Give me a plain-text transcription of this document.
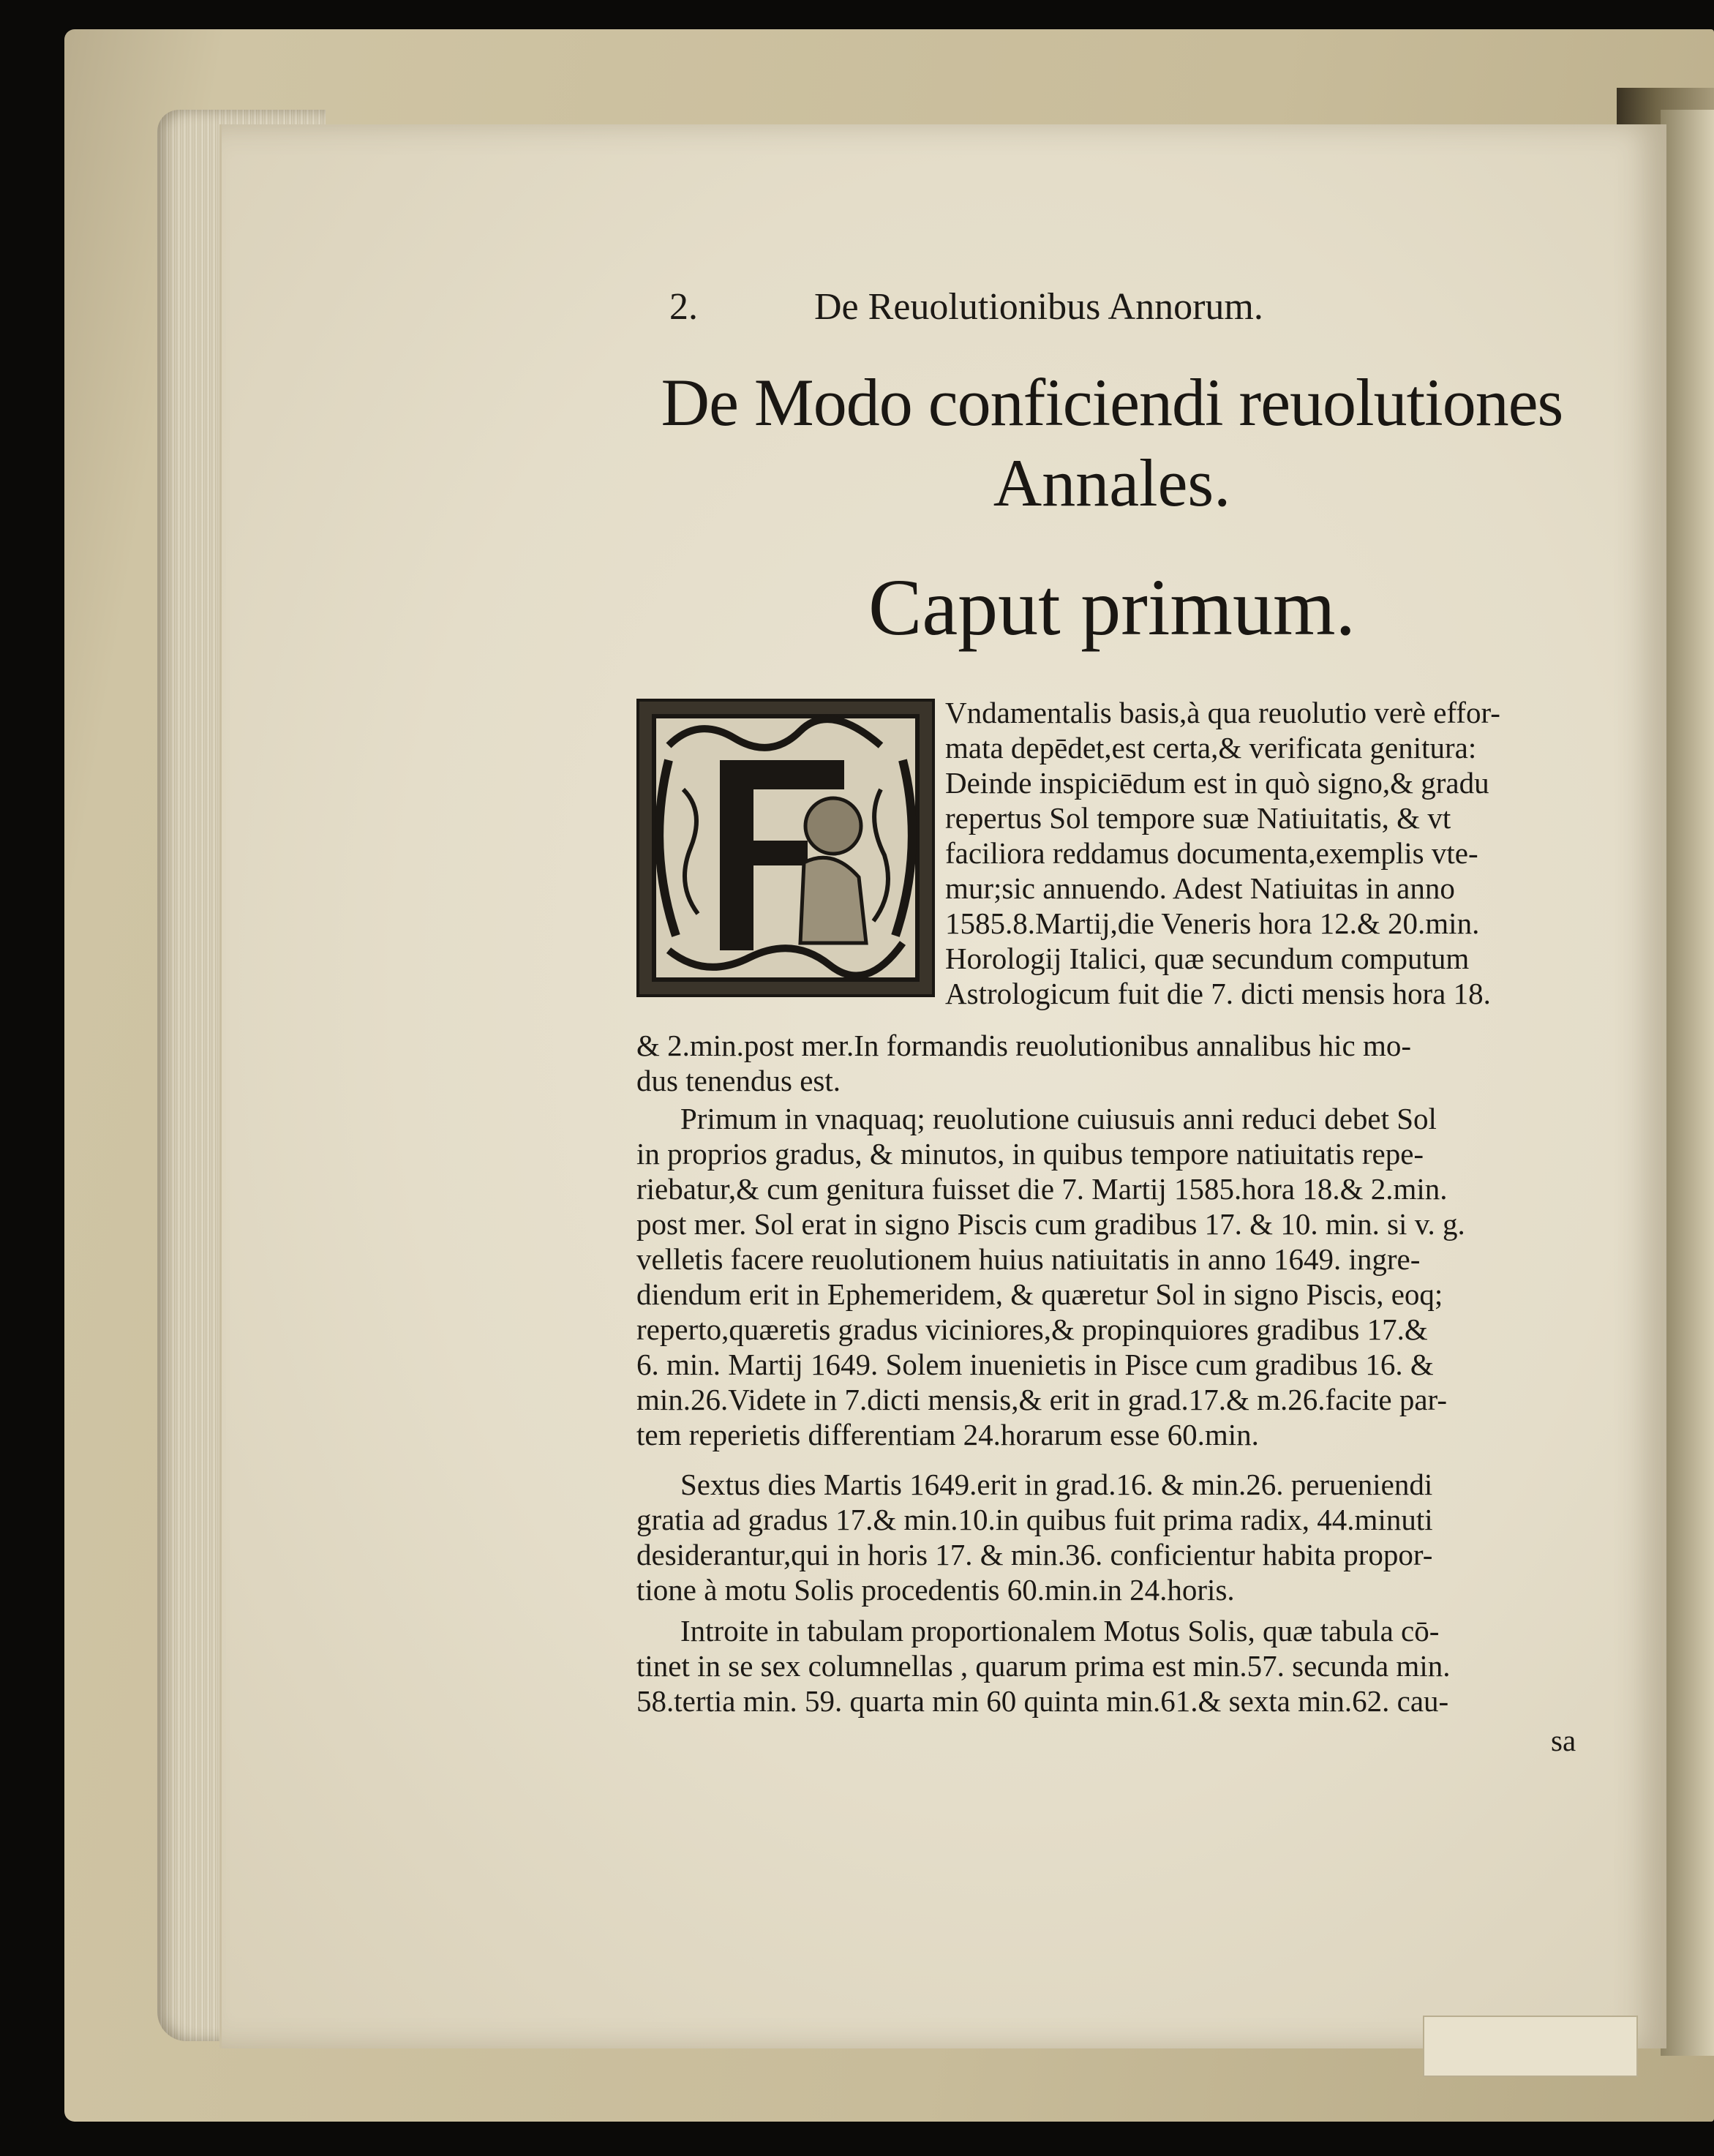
2.	De Reuolutionibus Annorum.
De Modo conficiendi reuolutiones
Annales.
Caput primum.
Vndamentalis basis,à qua reuolutio verè effor-
mata depēdet,est certa,& verificata genitura:
Deinde inspiciēdum est in quò signo,& gradu
repertus Sol tempore suæ Natiuitatis, & vt
faciliora reddamus documenta,exemplis vte-
mur;sic annuendo. Adest Natiuitas in anno
1585.8.Martij,die Veneris hora 12.& 20.min.
Horologij Italici, quæ secundum computum
Astrologicum fuit die 7. dicti mensis hora 18.
& 2.min.post mer.In formandis reuolutionibus annalibus hic mo-
dus tenendus est.
Primum in vnaquaq; reuolutione cuiusuis anni reduci debet Sol
in proprios gradus, & minutos, in quibus tempore natiuitatis repe-
riebatur,& cum genitura fuisset die 7. Martij 1585.hora 18.& 2.min.
post mer. Sol erat in signo Piscis cum gradibus 17. & 10. min. si v. g.
velletis facere reuolutionem huius natiuitatis in anno 1649. ingre-
diendum erit in Ephemeridem, & quæretur Sol in signo Piscis, eoq;
reperto,quæretis gradus viciniores,& propinquiores gradibus 17.&
6. min. Martij 1649. Solem inuenietis in Pisce cum gradibus 16. &
min.26.Videte in 7.dicti mensis,& erit in grad.17.& m.26.facite par-
tem reperietis differentiam 24.horarum esse 60.min.
Sextus dies Martis 1649.erit in grad.16. & min.26. perueniendi
gratia ad gradus 17.& min.10.in quibus fuit prima radix, 44.minuti
desiderantur,qui in horis 17. & min.36. conficientur habita propor-
tione à motu Solis procedentis 60.min.in 24.horis.
Introite in tabulam proportionalem Motus Solis, quæ tabula cō-
tinet in se sex columnellas , quarum prima est min.57. secunda min.
58.tertia min. 59. quarta min 60 quinta min.61.& sexta min.62. cau-
sa
